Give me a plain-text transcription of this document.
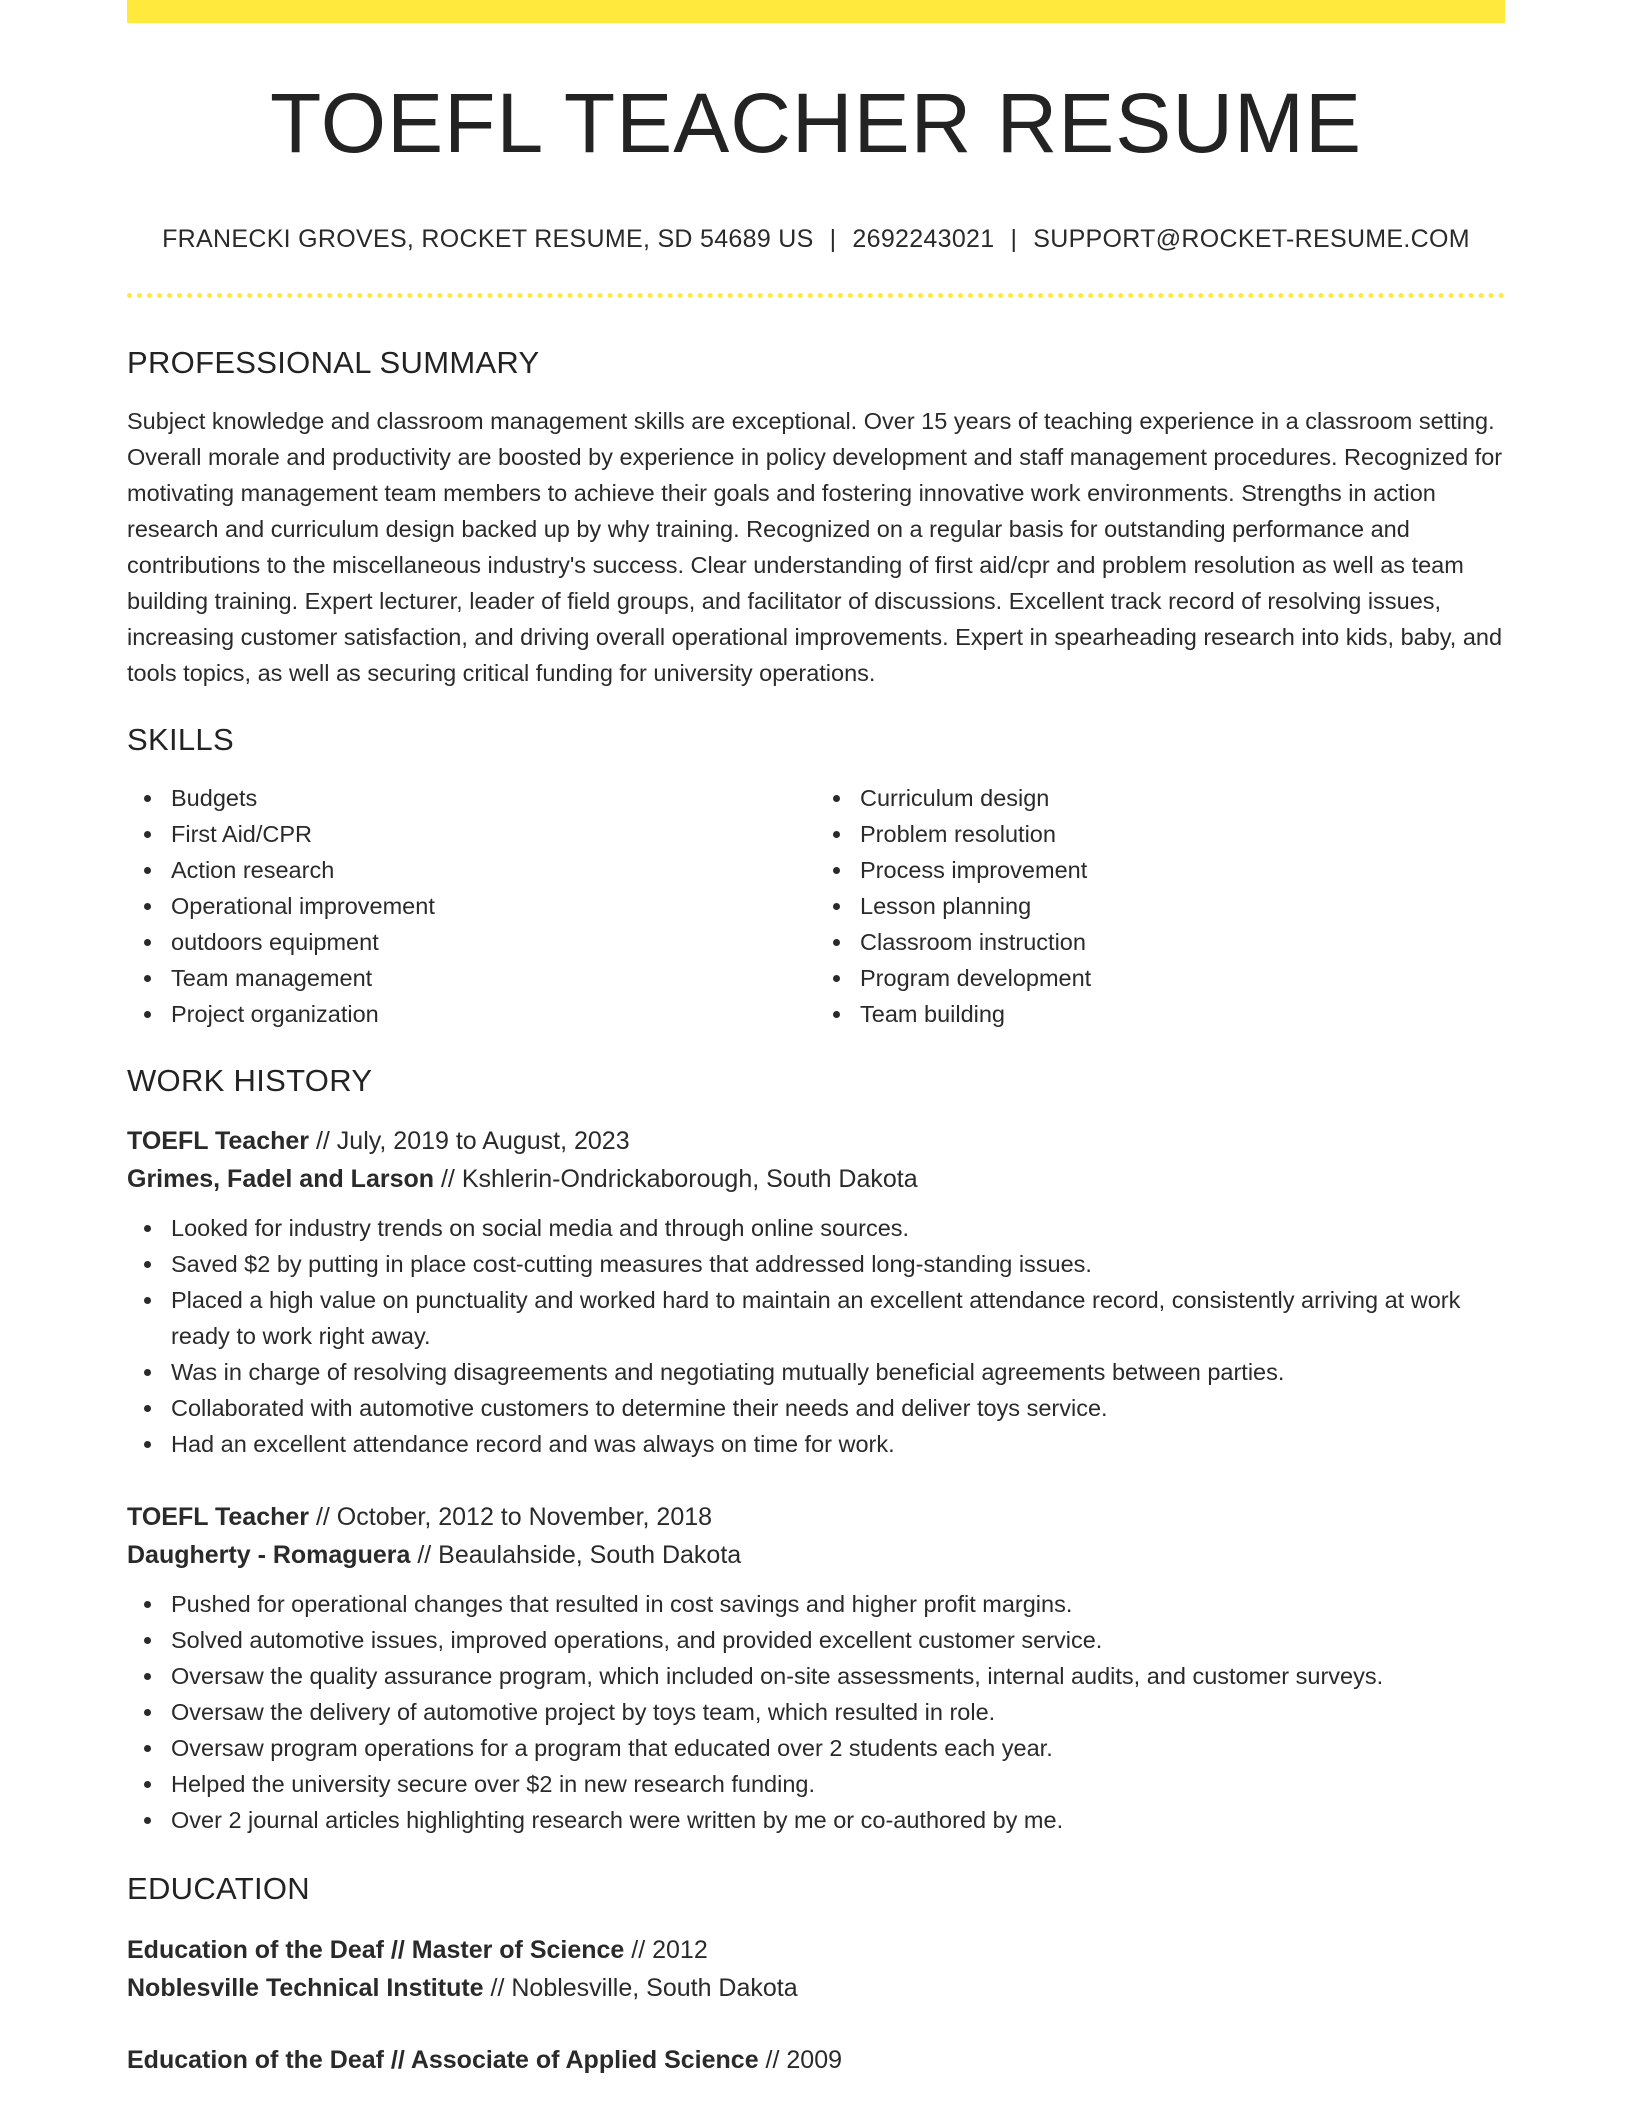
TOEFL TEACHER RESUME
FRANECKI GROVES, ROCKET RESUME, SD 54689 US | 2692243021 | SUPPORT@ROCKET-RESUME.COM
PROFESSIONAL SUMMARY

Subject knowledge and classroom management skills are exceptional. Over 15 years of teaching experience in a classroom setting. Overall morale and productivity are boosted by experience in policy development and staff management procedures. Recognized for motivating management team members to achieve their goals and fostering innovative work environments. Strengths in action research and curriculum design backed up by why training. Recognized on a regular basis for outstanding performance and contributions to the miscellaneous industry's success. Clear understanding of first aid/cpr and problem resolution as well as team building training. Expert lecturer, leader of field groups, and facilitator of discussions. Excellent track record of resolving issues, increasing customer satisfaction, and driving overall operational improvements. Expert in spearheading research into kids, baby, and tools topics, as well as securing critical funding for university operations.

SKILLS
Budgets
First Aid/CPR
Action research
Operational improvement
outdoors equipment
Team management
Project organization
Curriculum design
Problem resolution
Process improvement
Lesson planning
Classroom instruction
Program development
Team building
WORK HISTORY
TOEFL Teacher // July, 2019 to August, 2023
Grimes, Fadel and Larson // Kshlerin-Ondrickaborough, South Dakota
Looked for industry trends on social media and through online sources.
Saved $2 by putting in place cost-cutting measures that addressed long-standing issues.
Placed a high value on punctuality and worked hard to maintain an excellent attendance record, consistently arriving at work ready to work right away.
Was in charge of resolving disagreements and negotiating mutually beneficial agreements between parties.
Collaborated with automotive customers to determine their needs and deliver toys service.
Had an excellent attendance record and was always on time for work.
TOEFL Teacher // October, 2012 to November, 2018
Daugherty - Romaguera // Beaulahside, South Dakota
Pushed for operational changes that resulted in cost savings and higher profit margins.
Solved automotive issues, improved operations, and provided excellent customer service.
Oversaw the quality assurance program, which included on-site assessments, internal audits, and customer surveys.
Oversaw the delivery of automotive project by toys team, which resulted in role.
Oversaw program operations for a program that educated over 2 students each year.
Helped the university secure over $2 in new research funding.
Over 2 journal articles highlighting research were written by me or co-authored by me.
EDUCATION
Education of the Deaf // Master of Science // 2012
Noblesville Technical Institute // Noblesville, South Dakota
Education of the Deaf // Associate of Applied Science // 2009
